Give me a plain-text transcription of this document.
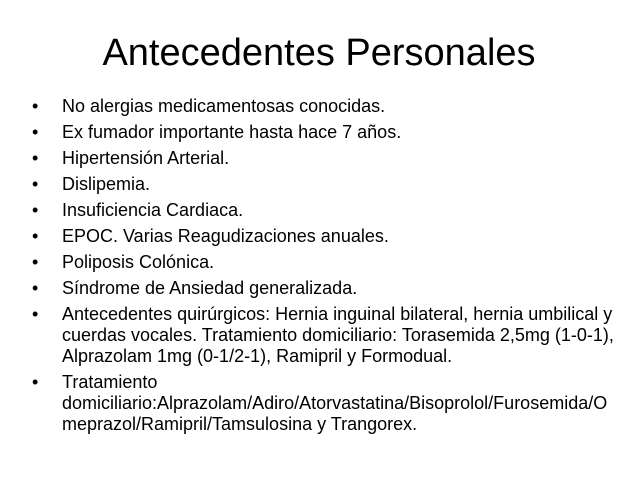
Antecedentes Personales
•	No alergias medicamentosas conocidas.
•	Ex fumador importante hasta hace 7 años.
•	Hipertensión Arterial.
•	Dislipemia.
•	Insuficiencia Cardiaca.
•	EPOC. Varias Reagudizaciones anuales.
•	Poliposis Colónica.
•	Síndrome de Ansiedad generalizada.
•	Antecedentes quirúrgicos: Hernia inguinal bilateral, hernia umbilical y cuerdas vocales. Tratamiento domiciliario: Torasemida 2,5mg (1-0-1), Alprazolam 1mg (0-1/2-1), Ramipril y Formodual.
•	Tratamiento domiciliario:Alprazolam/Adiro/Atorvastatina/Bisoprolol/Furosemida/Omeprazol/Ramipril/Tamsulosina y Trangorex.
